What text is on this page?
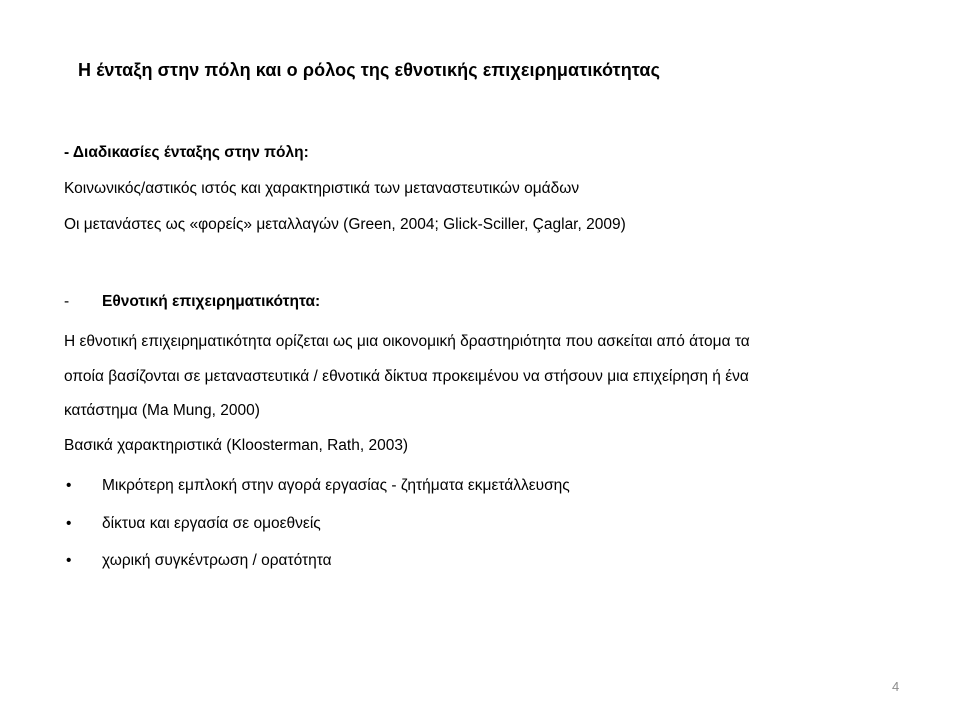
Η ένταξη στην πόλη και ο ρόλος της εθνοτικής επιχειρηματικότητας
- Διαδικασίες ένταξης στην πόλη:
Κοινωνικός/αστικός ιστός και χαρακτηριστικά των μεταναστευτικών ομάδων
Οι μετανάστες ως «φορείς» μεταλλαγών (Green, 2004; Glick-Sciller, Çaglar, 2009)
- Εθνοτική επιχειρηματικότητα:
Η εθνοτική επιχειρηματικότητα ορίζεται ως μια οικονομική δραστηριότητα που ασκείται από άτομα τα
οποία βασίζονται σε μεταναστευτικά / εθνοτικά δίκτυα προκειμένου να στήσουν μια επιχείρηση ή ένα
κατάστημα (Ma Mung, 2000)
Βασικά χαρακτηριστικά (Kloosterman, Rath, 2003)
• Μικρότερη εμπλοκή στην αγορά εργασίας - ζητήματα εκμετάλλευσης
• δίκτυα και εργασία σε ομοεθνείς
• χωρική συγκέντρωση / ορατότητα
4
